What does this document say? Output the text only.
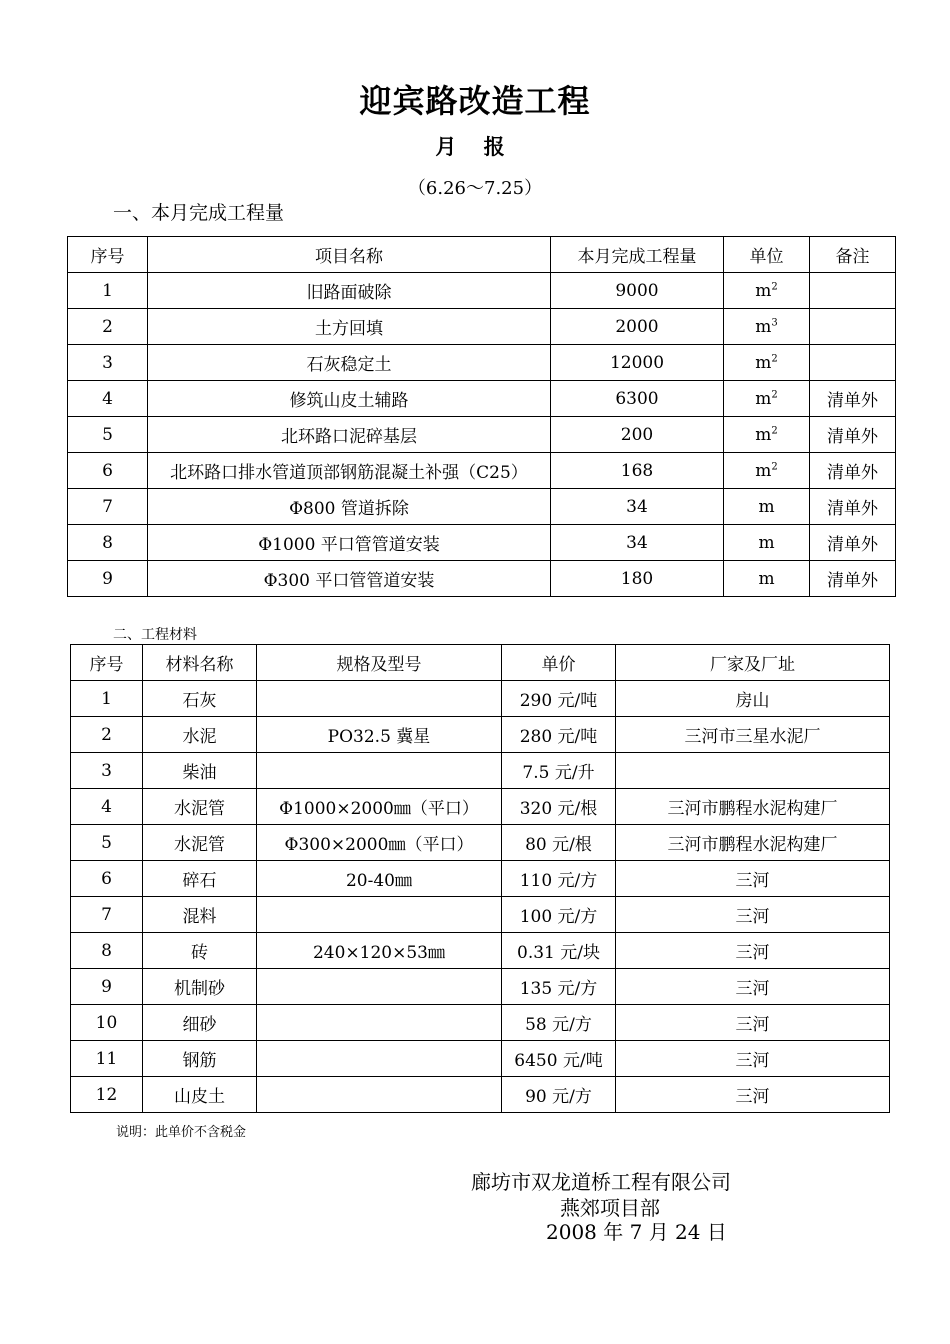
迎宾路改造工程
月 报
（6.26～7.25）
一、本月完成工程量
序号	项目名称	本月完成工程量	单位	备注
1	旧路面破除	9000	$m^2$	
2	土方回填	2000	$m^3$	
3	石灰稳定土	12000	$m^2$	
4	修筑山皮土辅路	6300	$m^2$	清单外
5	北环路口泥碎基层	200	$m^2$	清单外
6	北环路口排水管道顶部钢筋混凝土补强（C25）	168	$m^2$	清单外
7	Φ800 管道拆除	34	m	清单外
8	Φ1000 平口管管道安装	34	m	清单外
9	Φ300 平口管管道安装	180	m	清单外
二、工程材料
序号	材料名称	规格及型号	单价	厂家及厂址
1	石灰		290 元/吨	房山
2	水泥	PO32.5 冀星	280 元/吨	三河市三星水泥厂
3	柴油		7.5 元/升	
4	水泥管	Φ1000×2000㎜（平口）	320 元/根	三河市鹏程水泥构建厂
5	水泥管	Φ300×2000㎜（平口）	80 元/根	三河市鹏程水泥构建厂
6	碎石	20-40㎜	110 元/方	三河
7	混料		100 元/方	三河
8	砖	240×120×53㎜	0.31 元/块	三河
9	机制砂		135 元/方	三河
10	细砂		58 元/方	三河
11	钢筋		6450 元/吨	三河
12	山皮土		90 元/方	三河
说明：此单价不含税金
廊坊市双龙道桥工程有限公司
燕郊项目部
2008 年 7 月 24 日
